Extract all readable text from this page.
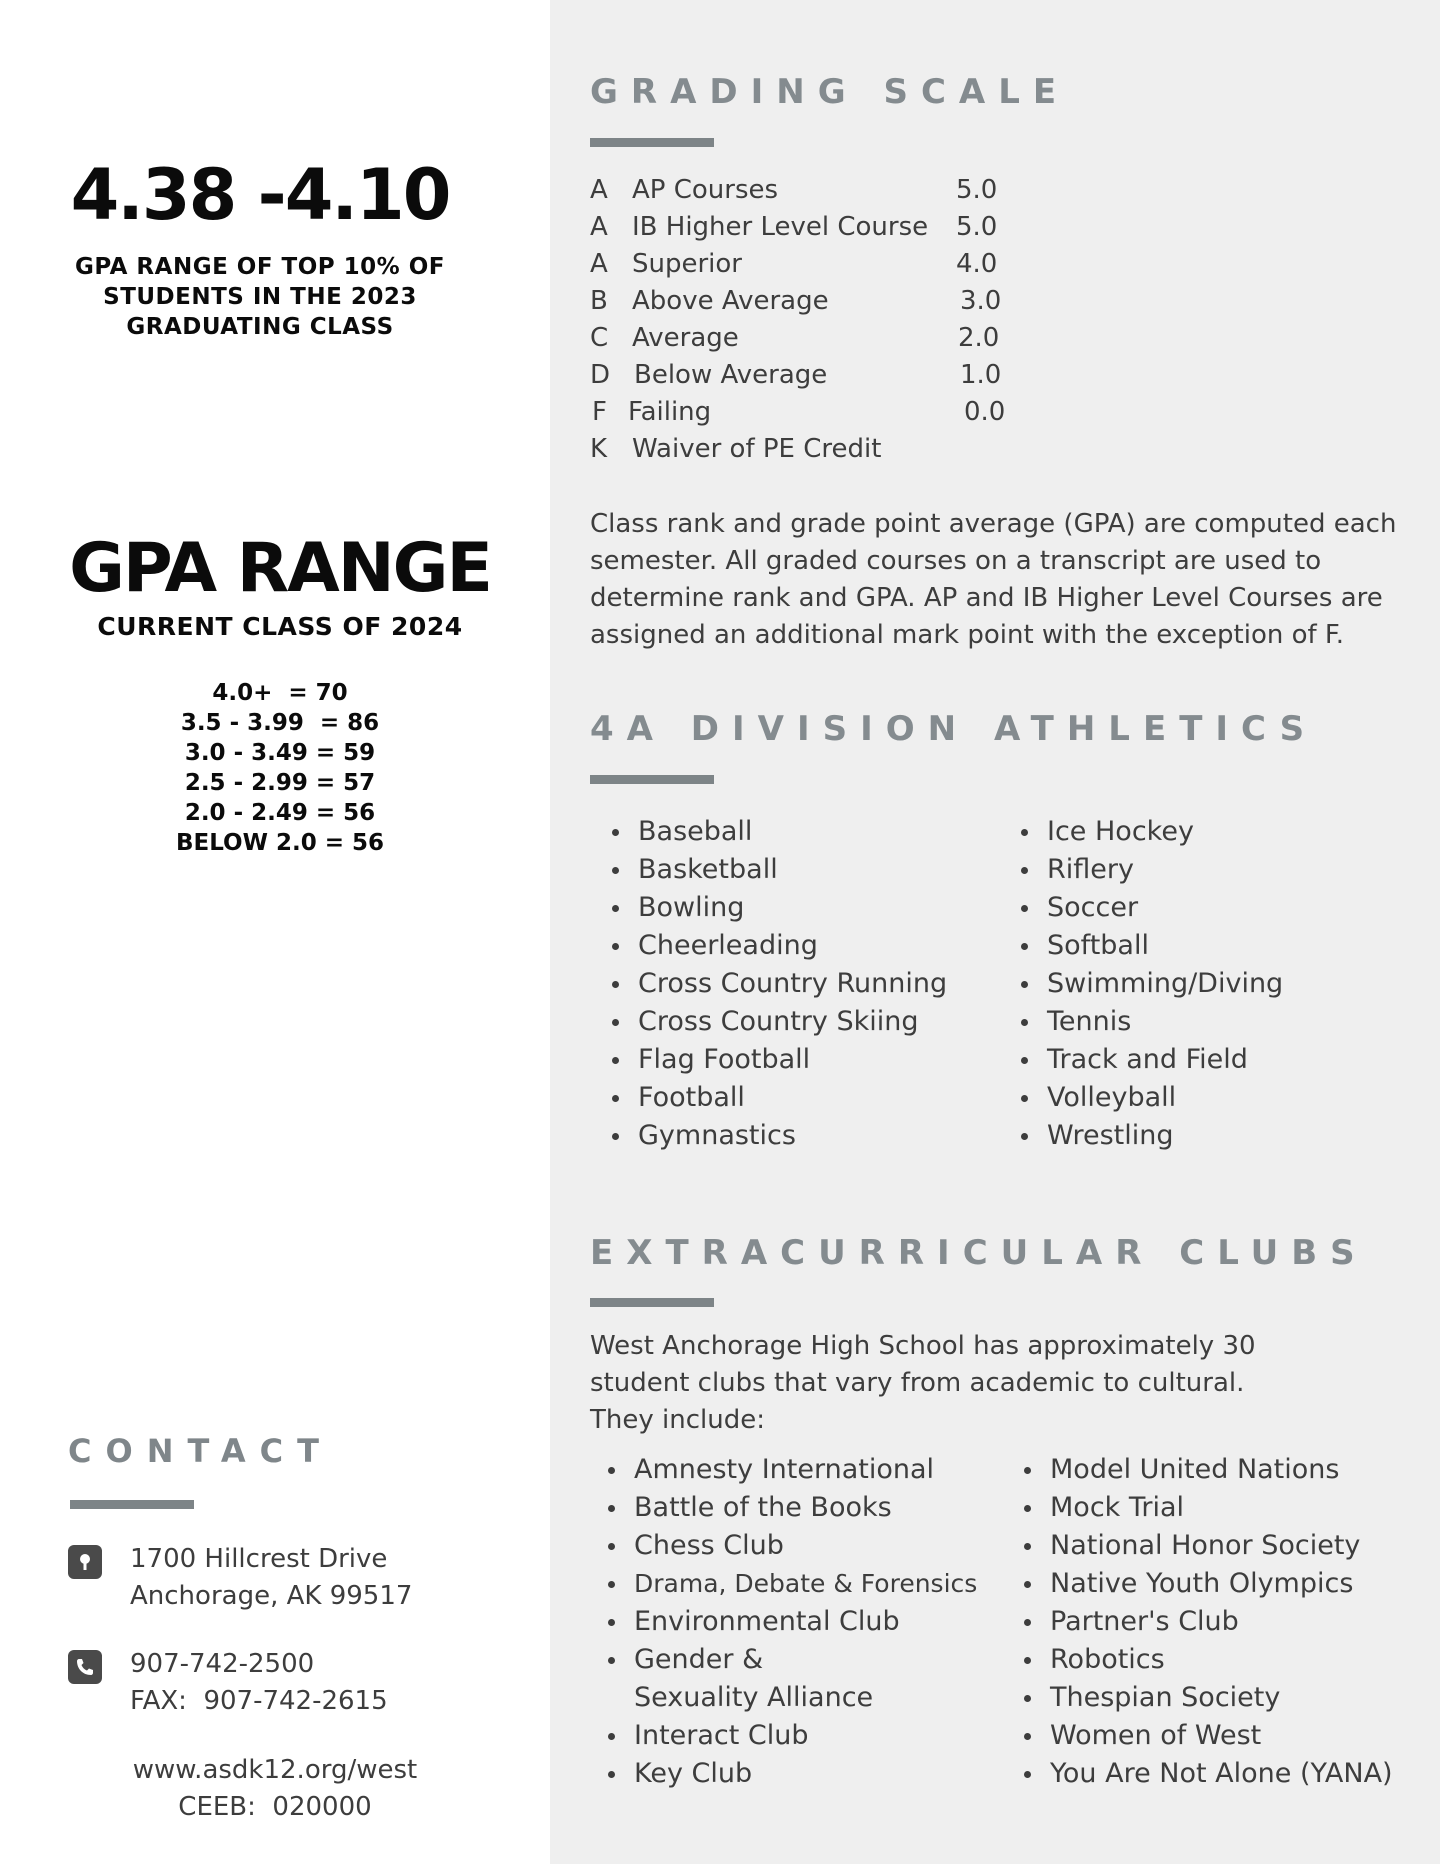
4.38 -4.10
GPA RANGE OF TOP 10% OF
STUDENTS IN THE 2023
GRADUATING CLASS
GPA RANGE
CURRENT CLASS OF 2024
4.0+  = 70
3.5 - 3.99  = 86
3.0 - 3.49 = 59
2.5 - 2.99 = 57
2.0 - 2.49 = 56
BELOW 2.0 = 56
CONTACT
1700 Hillcrest Drive
Anchorage, AK 99517
907-742-2500
FAX:  907-742-2615
www.asdk12.org/west
CEEB:  020000
GRADING SCALE
A AP Courses	5.0
A IB Higher Level Course 5.0
A Superior	4.0
B Above Average	3.0
C Average	2.0
D Below Average	1.0
F Failing	0.0
K Waiver of PE Credit
Class rank and grade point average (GPA) are computed each semester. All graded courses on a transcript are used to determine rank and GPA. AP and IB Higher Level Courses are assigned an additional mark point with the exception of F.
4A DIVISION ATHLETICS
Baseball
Basketball
Bowling
Cheerleading
Cross Country Running
Cross Country Skiing
Flag Football
Football
Gymnastics
Ice Hockey
Riflery
Soccer
Softball
Swimming/Diving
Tennis
Track and Field
Volleyball
Wrestling
EXTRACURRICULAR CLUBS
West Anchorage High School has approximately 30 student clubs that vary from academic to cultural. They include:
Amnesty International
Battle of the Books
Chess Club
Drama, Debate & Forensics
Environmental Club
Gender & Sexuality Alliance
Interact Club
Key Club
Model United Nations
Mock Trial
National Honor Society
Native Youth Olympics
Partner's Club
Robotics
Thespian Society
Women of West
You Are Not Alone (YANA)
